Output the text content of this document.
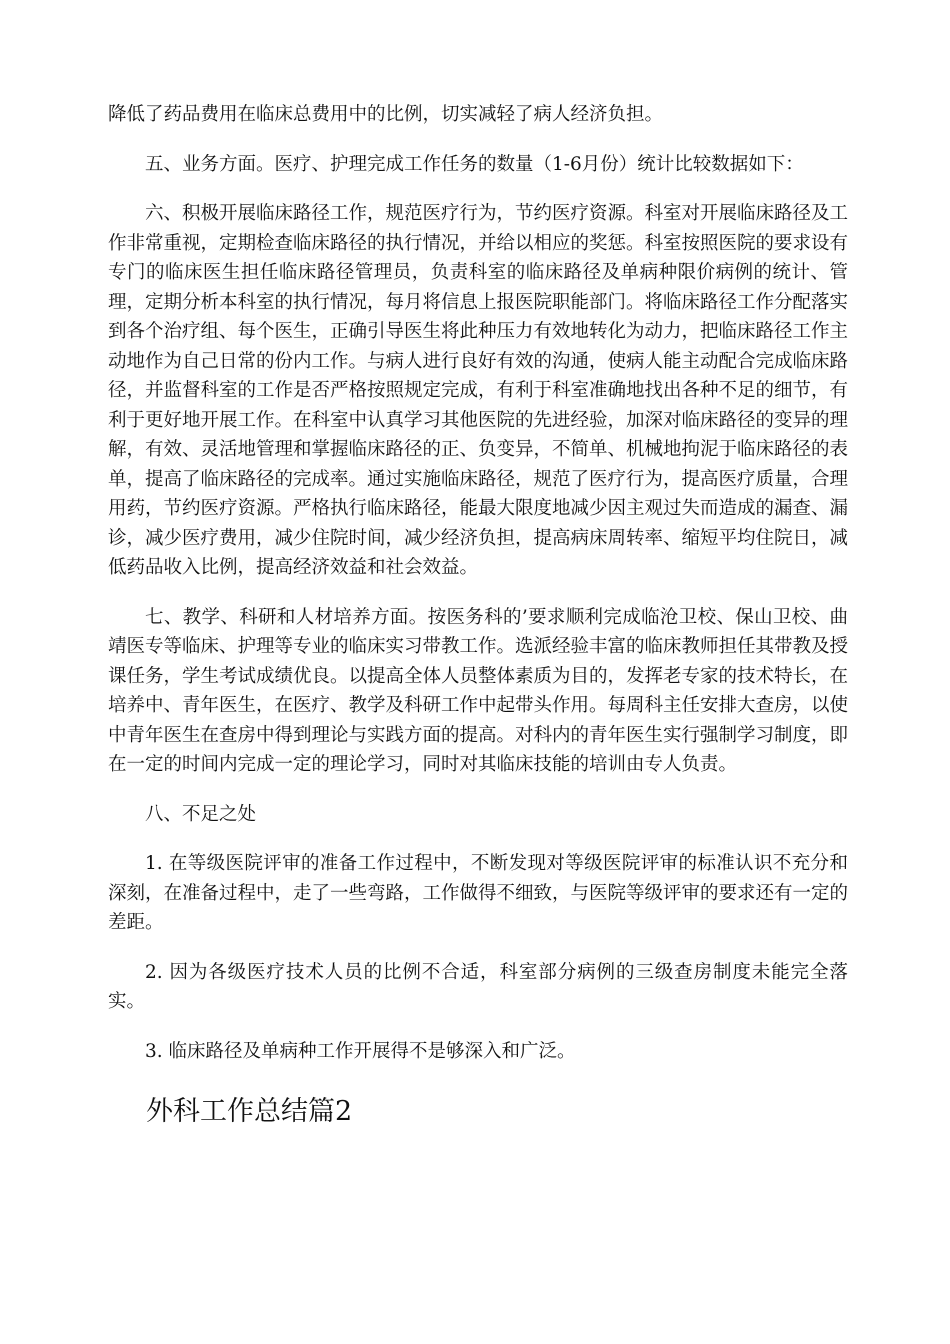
降低了药品费用在临床总费用中的比例，切实减轻了病人经济负担。

五、业务方面。医疗、护理完成工作任务的数量（1-6月份）统计比较数据如下：

六、积极开展临床路径工作，规范医疗行为，节约医疗资源。科室对开展临床路径及工作非常重视，定期检查临床路径的执行情况，并给以相应的奖惩。科室按照医院的要求设有专门的临床医生担任临床路径管理员，负责科室的临床路径及单病种限价病例的统计、管理，定期分析本科室的执行情况，每月将信息上报医院职能部门。将临床路径工作分配落实到各个治疗组、每个医生，正确引导医生将此种压力有效地转化为动力，把临床路径工作主动地作为自己日常的份内工作。与病人进行良好有效的沟通，使病人能主动配合完成临床路径，并监督科室的工作是否严格按照规定完成，有利于科室准确地找出各种不足的细节，有利于更好地开展工作。在科室中认真学习其他医院的先进经验，加深对临床路径的变异的理解，有效、灵活地管理和掌握临床路径的正、负变异，不简单、机械地拘泥于临床路径的表单，提高了临床路径的完成率。通过实施临床路径，规范了医疗行为，提高医疗质量，合理用药，节约医疗资源。严格执行临床路径，能最大限度地减少因主观过失而造成的漏查、漏诊，减少医疗费用，减少住院时间，减少经济负担，提高病床周转率、缩短平均住院日，减低药品收入比例，提高经济效益和社会效益。

七、教学、科研和人材培养方面。按医务科的’要求顺利完成临沧卫校、保山卫校、曲靖医专等临床、护理等专业的临床实习带教工作。选派经验丰富的临床教师担任其带教及授课任务，学生考试成绩优良。以提高全体人员整体素质为目的，发挥老专家的技术特长，在培养中、青年医生，在医疗、教学及科研工作中起带头作用。每周科主任安排大查房，以使中青年医生在查房中得到理论与实践方面的提高。对科内的青年医生实行强制学习制度，即在一定的时间内完成一定的理论学习，同时对其临床技能的培训由专人负责。

八、不足之处

1. 在等级医院评审的准备工作过程中，不断发现对等级医院评审的标准认识不充分和深刻，在准备过程中，走了一些弯路，工作做得不细致，与医院等级评审的要求还有一定的差距。

2. 因为各级医疗技术人员的比例不合适，科室部分病例的三级查房制度未能完全落实。

3. 临床路径及单病种工作开展得不是够深入和广泛。

外科工作总结篇2
